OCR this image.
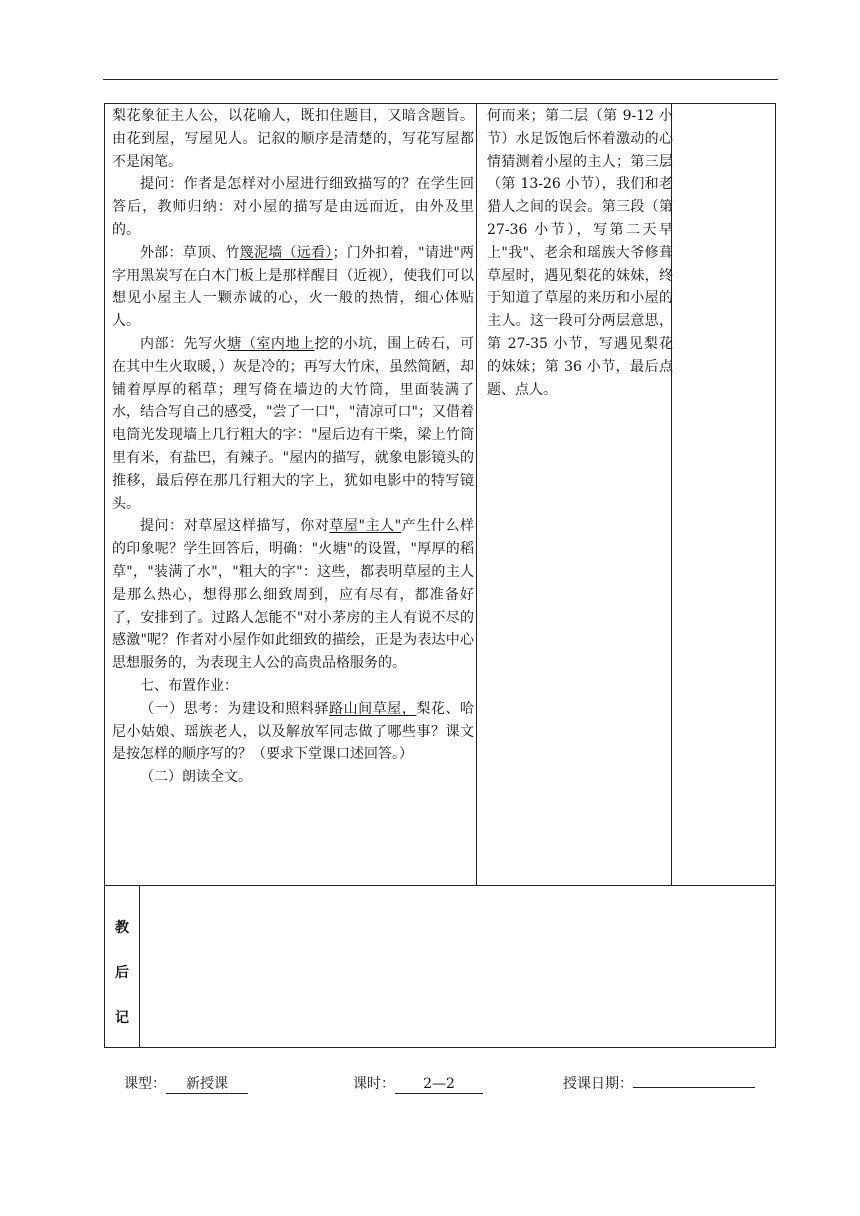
梨花象征主人公，以花喻人，既扣住题目，又暗含题旨。由花到屋，写屋见人。记叙的顺序是清楚的，写花写屋都不是闲笔。

提问：作者是怎样对小屋进行细致描写的？在学生回答后，教师归纳：对小屋的描写是由远而近，由外及里的。

外部：草顶、竹篾泥墙（远看）；门外扣着，"请进"两字用黑炭写在白木门板上是那样醒目（近视），使我们可以想见小屋主人一颗赤诚的心，火一般的热情，细心体贴人。

内部：先写火塘（室内地上挖的小坑，围上砖石，可在其中生火取暖，）灰是冷的；再写大竹床，虽然简陋，却铺着厚厚的稻草；理写倚在墙边的大竹筒，里面装满了水，结合写自己的感受，"尝了一口"，"清凉可口"；又借着电筒光发现墙上几行粗大的字："屋后边有干柴，梁上竹筒里有米，有盐巴，有辣子。"屋内的描写，就象电影镜头的推移，最后停在那几行粗大的字上，犹如电影中的特写镜头。

提问：对草屋这样描写，你对草屋"主人"产生什么样的印象呢？学生回答后，明确："火塘"的设置，"厚厚的稻草"，"装满了水"，"粗大的字"：这些，都表明草屋的主人是那么热心，想得那么细致周到，应有尽有，都准备好了，安排到了。过路人怎能不"对小茅房的主人有说不尽的感激"呢？作者对小屋作如此细致的描绘，正是为表达中心思想服务的，为表现主人公的高贵品格服务的。

七、布置作业：

（一）思考：为建设和照料驿路山间草屋，梨花、哈尼小姑娘、瑶族老人，以及解放军同志做了哪些事？课文是按怎样的顺序写的？（要求下堂课口述回答。）

（二）朗读全文。

何而来；第二层（第 9-12 小节）水足饭饱后怀着激动的心情猜测着小屋的主人；第三层（第 13-26 小节），我们和老猎人之间的误会。第三段（第 27-36 小节），写第二天早上"我"、老余和瑶族大爷修葺草屋时，遇见梨花的妹妹，终于知道了草屋的来历和小屋的主人。这一段可分两层意思，第 27-35 小节，写遇见梨花的妹妹；第 36 小节，最后点题、点人。

教
后
记
课型： 新授课	课时： 2—2	授课日期：
